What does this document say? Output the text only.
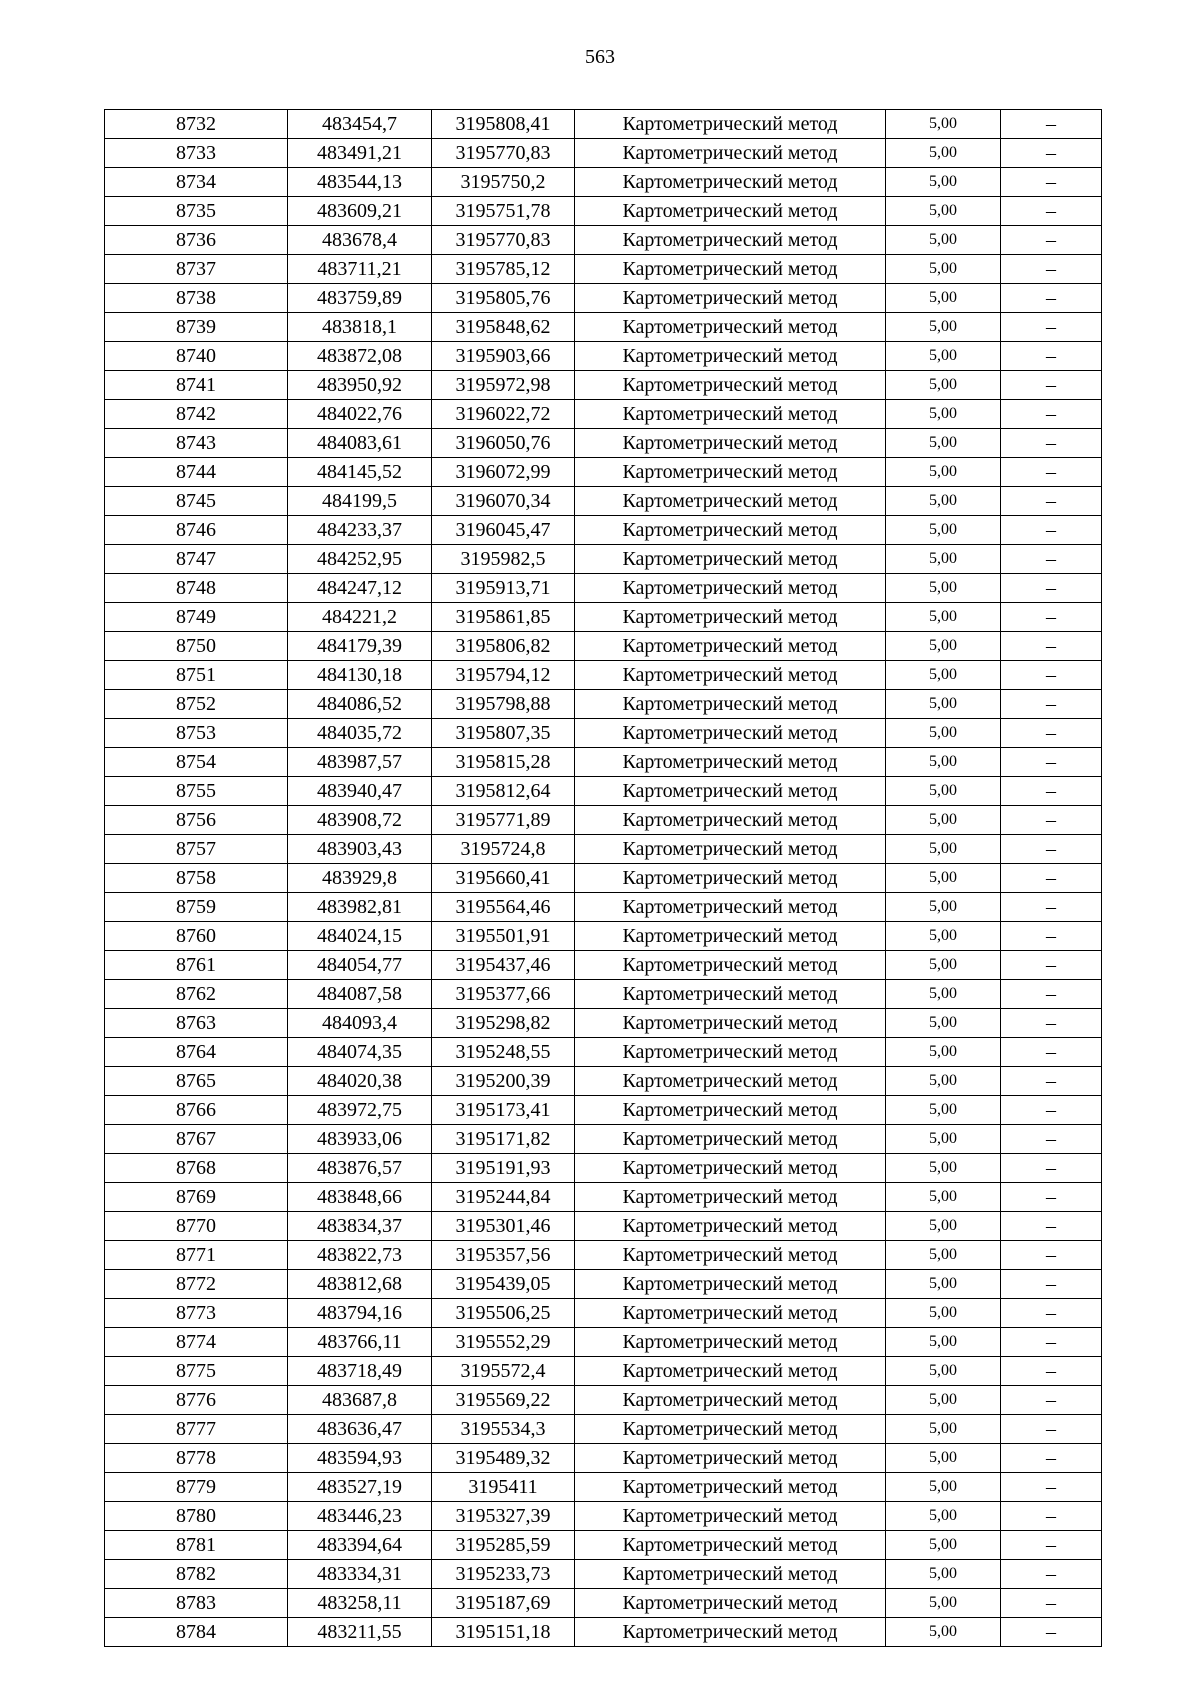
563
8732	483454,7	3195808,41	Картометрический метод	5,00	–
8733	483491,21	3195770,83	Картометрический метод	5,00	–
8734	483544,13	3195750,2	Картометрический метод	5,00	–
8735	483609,21	3195751,78	Картометрический метод	5,00	–
8736	483678,4	3195770,83	Картометрический метод	5,00	–
8737	483711,21	3195785,12	Картометрический метод	5,00	–
8738	483759,89	3195805,76	Картометрический метод	5,00	–
8739	483818,1	3195848,62	Картометрический метод	5,00	–
8740	483872,08	3195903,66	Картометрический метод	5,00	–
8741	483950,92	3195972,98	Картометрический метод	5,00	–
8742	484022,76	3196022,72	Картометрический метод	5,00	–
8743	484083,61	3196050,76	Картометрический метод	5,00	–
8744	484145,52	3196072,99	Картометрический метод	5,00	–
8745	484199,5	3196070,34	Картометрический метод	5,00	–
8746	484233,37	3196045,47	Картометрический метод	5,00	–
8747	484252,95	3195982,5	Картометрический метод	5,00	–
8748	484247,12	3195913,71	Картометрический метод	5,00	–
8749	484221,2	3195861,85	Картометрический метод	5,00	–
8750	484179,39	3195806,82	Картометрический метод	5,00	–
8751	484130,18	3195794,12	Картометрический метод	5,00	–
8752	484086,52	3195798,88	Картометрический метод	5,00	–
8753	484035,72	3195807,35	Картометрический метод	5,00	–
8754	483987,57	3195815,28	Картометрический метод	5,00	–
8755	483940,47	3195812,64	Картометрический метод	5,00	–
8756	483908,72	3195771,89	Картометрический метод	5,00	–
8757	483903,43	3195724,8	Картометрический метод	5,00	–
8758	483929,8	3195660,41	Картометрический метод	5,00	–
8759	483982,81	3195564,46	Картометрический метод	5,00	–
8760	484024,15	3195501,91	Картометрический метод	5,00	–
8761	484054,77	3195437,46	Картометрический метод	5,00	–
8762	484087,58	3195377,66	Картометрический метод	5,00	–
8763	484093,4	3195298,82	Картометрический метод	5,00	–
8764	484074,35	3195248,55	Картометрический метод	5,00	–
8765	484020,38	3195200,39	Картометрический метод	5,00	–
8766	483972,75	3195173,41	Картометрический метод	5,00	–
8767	483933,06	3195171,82	Картометрический метод	5,00	–
8768	483876,57	3195191,93	Картометрический метод	5,00	–
8769	483848,66	3195244,84	Картометрический метод	5,00	–
8770	483834,37	3195301,46	Картометрический метод	5,00	–
8771	483822,73	3195357,56	Картометрический метод	5,00	–
8772	483812,68	3195439,05	Картометрический метод	5,00	–
8773	483794,16	3195506,25	Картометрический метод	5,00	–
8774	483766,11	3195552,29	Картометрический метод	5,00	–
8775	483718,49	3195572,4	Картометрический метод	5,00	–
8776	483687,8	3195569,22	Картометрический метод	5,00	–
8777	483636,47	3195534,3	Картометрический метод	5,00	–
8778	483594,93	3195489,32	Картометрический метод	5,00	–
8779	483527,19	3195411	Картометрический метод	5,00	–
8780	483446,23	3195327,39	Картометрический метод	5,00	–
8781	483394,64	3195285,59	Картометрический метод	5,00	–
8782	483334,31	3195233,73	Картометрический метод	5,00	–
8783	483258,11	3195187,69	Картометрический метод	5,00	–
8784	483211,55	3195151,18	Картометрический метод	5,00	–
